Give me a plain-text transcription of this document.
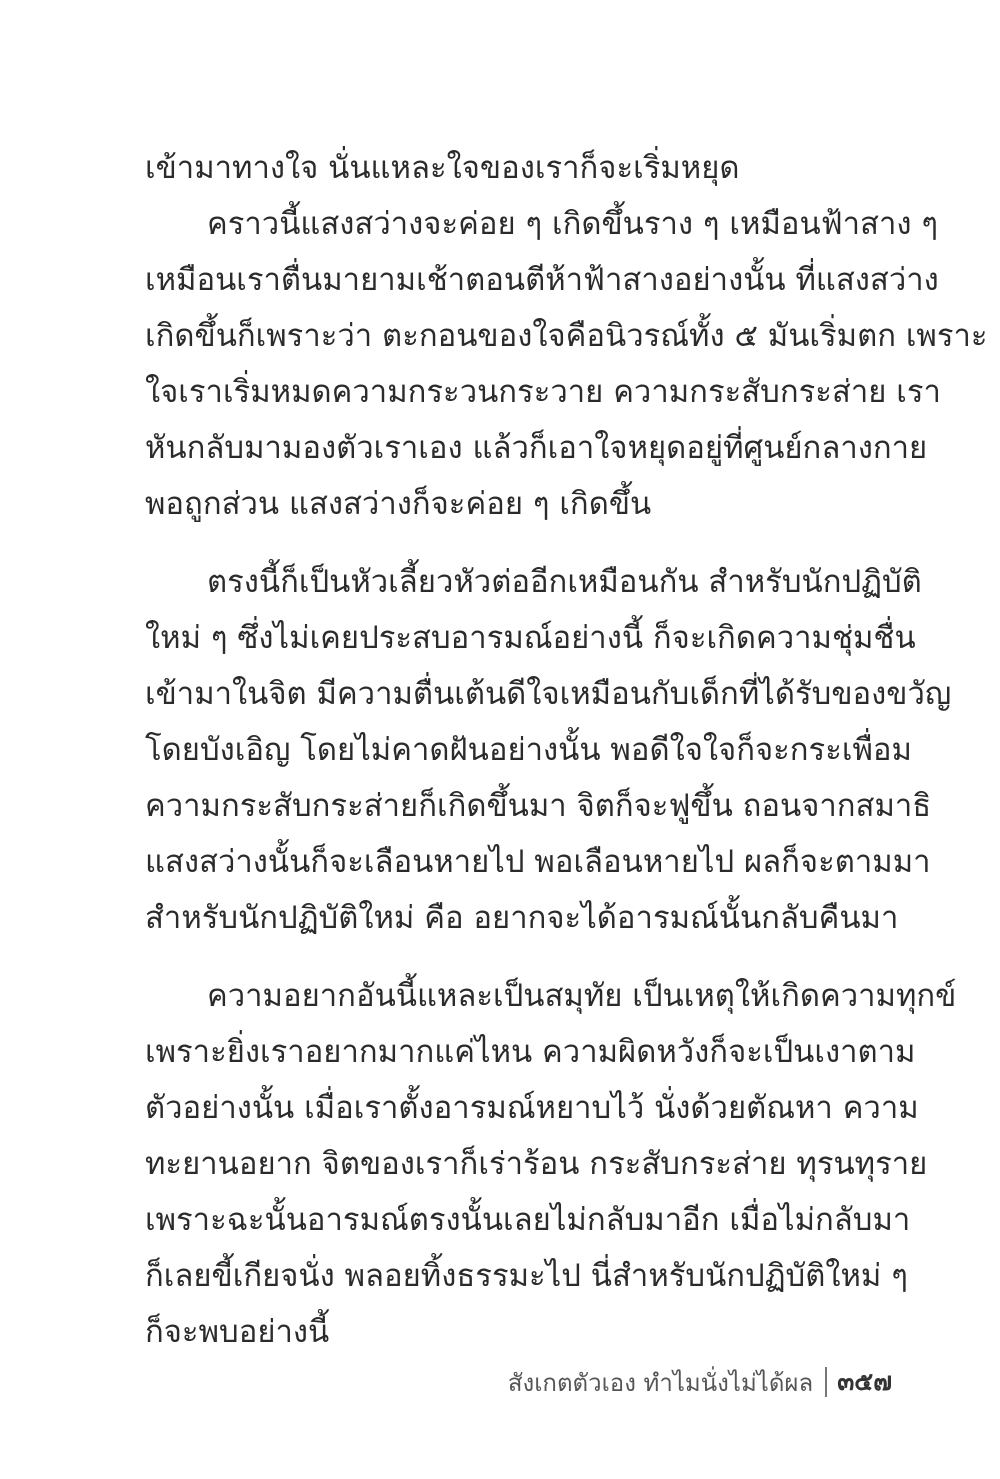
เข้ามาทางใจ นั่นแหละใจของเราก็จะเริ่มหยุด
คราวนี้แสงสว่างจะค่อย ๆ เกิดขึ้นราง ๆ เหมือนฟ้าสาง ๆ
เหมือนเราตื่นมายามเช้าตอนตีห้าฟ้าสางอย่างนั้น ที่แสงสว่าง
เกิดขึ้นก็เพราะว่า ตะกอนของใจคือนิวรณ์ทั้ง ๕ มันเริ่มตก เพราะ
ใจเราเริ่มหมดความกระวนกระวาย ความกระสับกระส่าย เรา
หันกลับมามองตัวเราเอง แล้วก็เอาใจหยุดอยู่ที่ศูนย์กลางกาย
พอถูกส่วน แสงสว่างก็จะค่อย ๆ เกิดขึ้น
ตรงนี้ก็เป็นหัวเลี้ยวหัวต่ออีกเหมือนกัน สำหรับนักปฏิบัติ
ใหม่ ๆ ซึ่งไม่เคยประสบอารมณ์อย่างนี้ ก็จะเกิดความชุ่มชื่น
เข้ามาในจิต มีความตื่นเต้นดีใจเหมือนกับเด็กที่ได้รับของขวัญ
โดยบังเอิญ โดยไม่คาดฝันอย่างนั้น พอดีใจใจก็จะกระเพื่อม
ความกระสับกระส่ายก็เกิดขึ้นมา จิตก็จะฟูขึ้น ถอนจากสมาธิ
แสงสว่างนั้นก็จะเลือนหายไป พอเลือนหายไป ผลก็จะตามมา
สำหรับนักปฏิบัติใหม่ คือ อยากจะได้อารมณ์นั้นกลับคืนมา
ความอยากอันนี้แหละเป็นสมุทัย เป็นเหตุให้เกิดความทุกข์
เพราะยิ่งเราอยากมากแค่ไหน ความผิดหวังก็จะเป็นเงาตาม
ตัวอย่างนั้น เมื่อเราตั้งอารมณ์หยาบไว้ นั่งด้วยตัณหา ความ
ทะยานอยาก จิตของเราก็เร่าร้อน กระสับกระส่าย ทุรนทุราย
เพราะฉะนั้นอารมณ์ตรงนั้นเลยไม่กลับมาอีก เมื่อไม่กลับมา
ก็เลยขี้เกียจนั่ง พลอยทิ้งธรรมะไป นี่สำหรับนักปฏิบัติใหม่ ๆ
ก็จะพบอย่างนี้
สังเกตตัวเอง ทำไมนั่งไม่ได้ผล ๓๕๗
